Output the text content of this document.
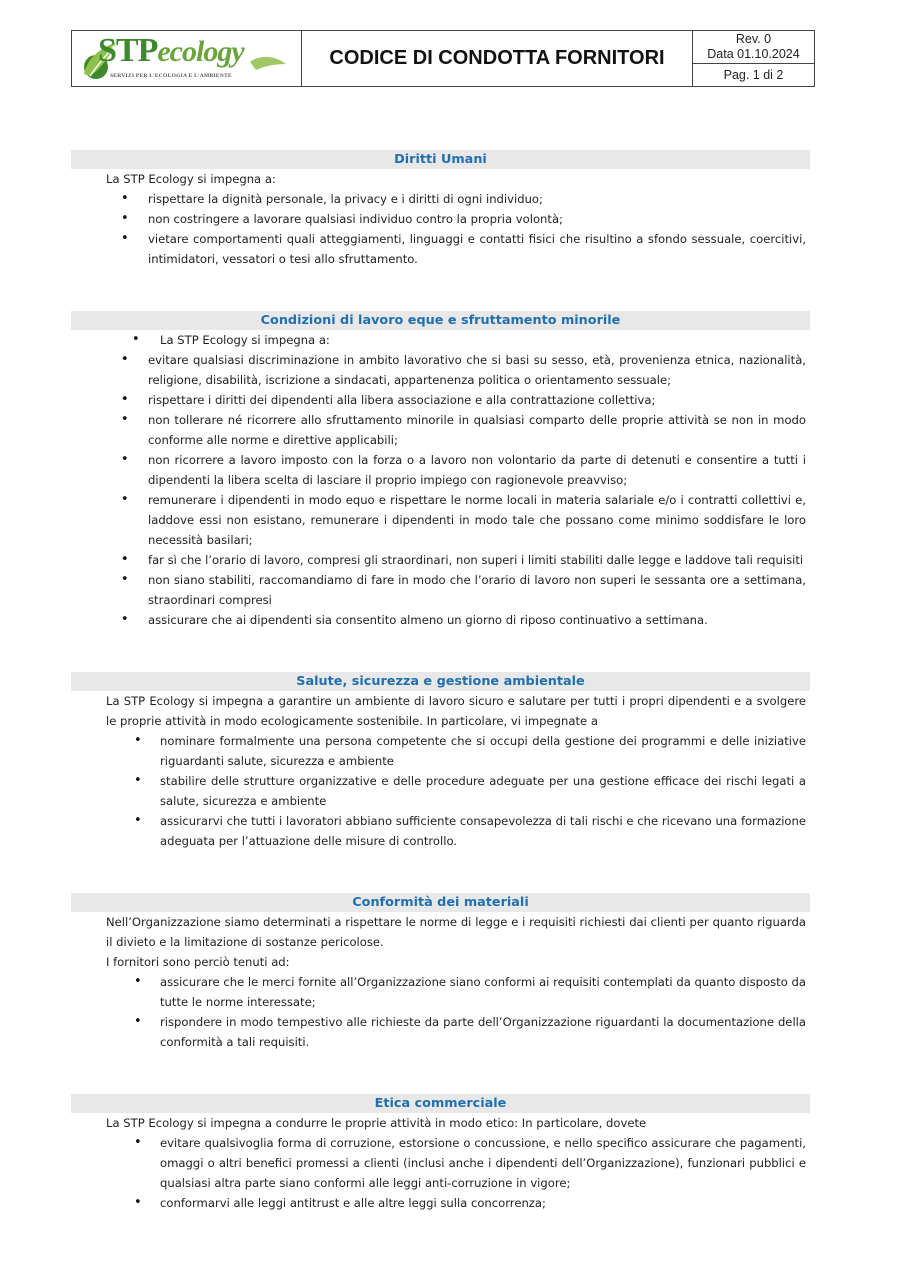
STPecology
SERVIZI PER L'ECOLOGIA E L'AMBIENTE
CODICE DI CONDOTTA FORNITORI
Rev. 0
Data 01.10.2024
Pag. 1 di 2
Diritti Umani
La STP Ecology si impegna a:
• rispettare la dignità personale, la privacy e i diritti di ogni individuo;
• non costringere a lavorare qualsiasi individuo contro la propria volontà;
• vietare comportamenti quali atteggiamenti, linguaggi e contatti fisici che risultino a sfondo sessuale, coercitivi, intimidatori, vessatori o tesi allo sfruttamento.
Condizioni di lavoro eque e sfruttamento minorile
• La STP Ecology si impegna a:
• evitare qualsiasi discriminazione in ambito lavorativo che si basi su sesso, età, provenienza etnica, nazionalità, religione, disabilità, iscrizione a sindacati, appartenenza politica o orientamento sessuale;
• rispettare i diritti dei dipendenti alla libera associazione e alla contrattazione collettiva;
• non tollerare né ricorrere allo sfruttamento minorile in qualsiasi comparto delle proprie attività se non in modo conforme alle norme e direttive applicabili;
• non ricorrere a lavoro imposto con la forza o a lavoro non volontario da parte di detenuti e consentire a tutti i dipendenti la libera scelta di lasciare il proprio impiego con ragionevole preavviso;
• remunerare i dipendenti in modo equo e rispettare le norme locali in materia salariale e/o i contratti collettivi e, laddove essi non esistano, remunerare i dipendenti in modo tale che possano come minimo soddisfare le loro necessità basilari;
• far sì che l’orario di lavoro, compresi gli straordinari, non superi i limiti stabiliti dalle legge e laddove tali requisiti
• non siano stabiliti, raccomandiamo di fare in modo che l’orario di lavoro non superi le sessanta ore a settimana, straordinari compresi
• assicurare che ai dipendenti sia consentito almeno un giorno di riposo continuativo a settimana.
Salute, sicurezza e gestione ambientale
La STP Ecology si impegna a garantire un ambiente di lavoro sicuro e salutare per tutti i propri dipendenti e a svolgere le proprie attività in modo ecologicamente sostenibile. In particolare, vi impegnate a
• nominare formalmente una persona competente che si occupi della gestione dei programmi e delle iniziative riguardanti salute, sicurezza e ambiente
• stabilire delle strutture organizzative e delle procedure adeguate per una gestione efficace dei rischi legati a salute, sicurezza e ambiente
• assicurarvi che tutti i lavoratori abbiano sufficiente consapevolezza di tali rischi e che ricevano una formazione adeguata per l’attuazione delle misure di controllo.
Conformità dei materiali
Nell’Organizzazione siamo determinati a rispettare le norme di legge e i requisiti richiesti dai clienti per quanto riguarda il divieto e la limitazione di sostanze pericolose.
I fornitori sono perciò tenuti ad:
• assicurare che le merci fornite all’Organizzazione siano conformi ai requisiti contemplati da quanto disposto da tutte le norme interessate;
• rispondere in modo tempestivo alle richieste da parte dell’Organizzazione riguardanti la documentazione della conformità a tali requisiti.
Etica commerciale
La STP Ecology si impegna a condurre le proprie attività in modo etico: In particolare, dovete
• evitare qualsivoglia forma di corruzione, estorsione o concussione, e nello specifico assicurare che pagamenti, omaggi o altri benefici promessi a clienti (inclusi anche i dipendenti dell’Organizzazione), funzionari pubblici e qualsiasi altra parte siano conformi alle leggi anti-corruzione in vigore;
• conformarvi alle leggi antitrust e alle altre leggi sulla concorrenza;
